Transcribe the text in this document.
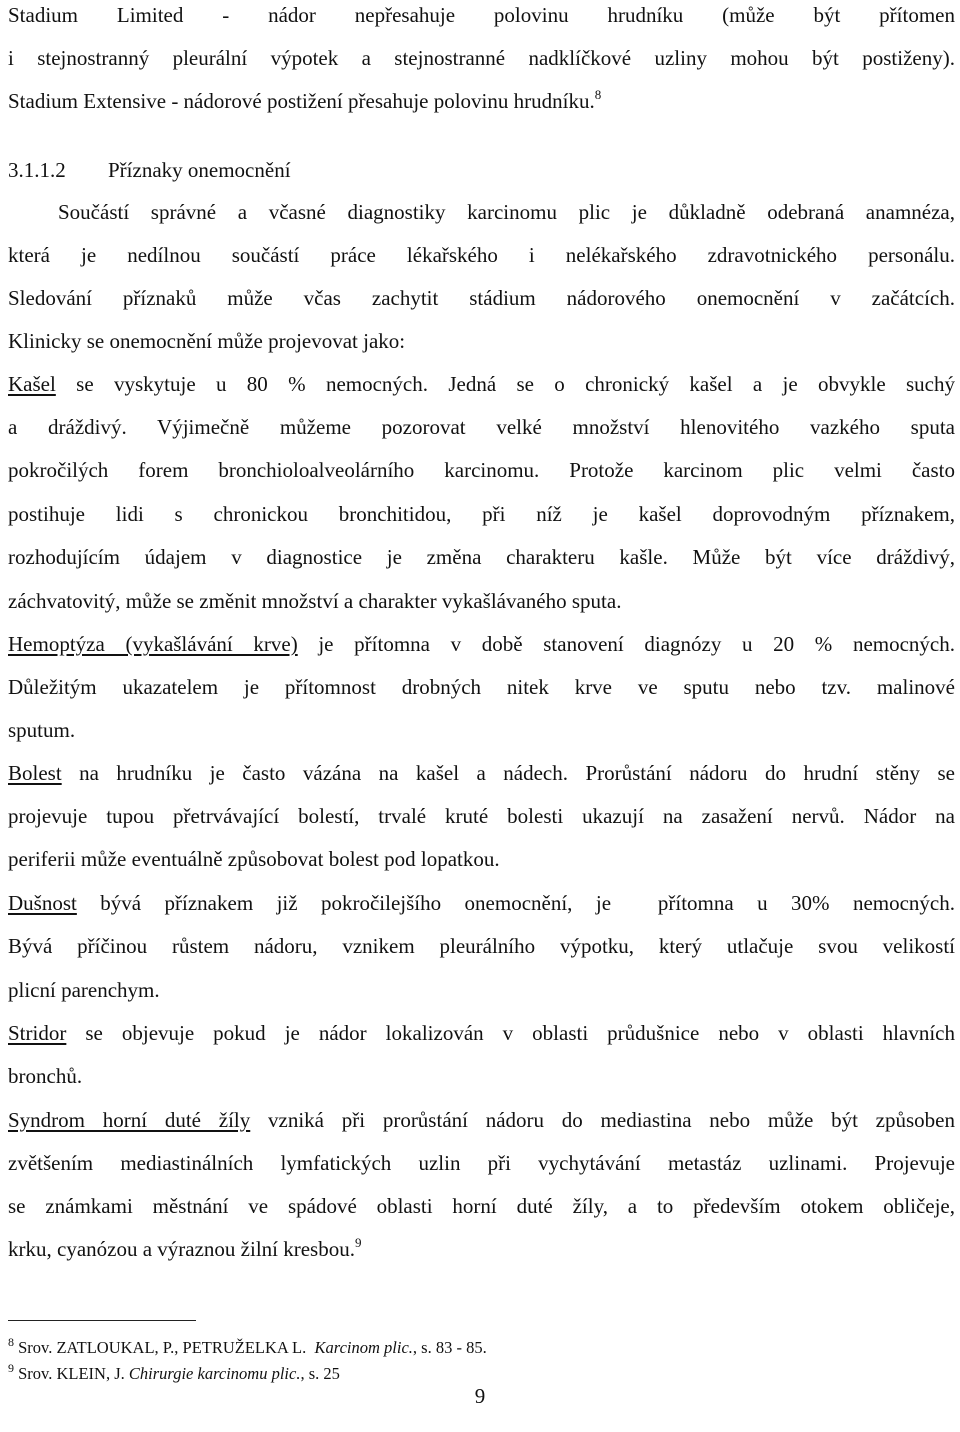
Stadium Limited - nádor nepřesahuje polovinu hrudníku (může být přítomen
i stejnostranný pleurální výpotek a stejnostranné nadklíčkové uzliny mohou být postiženy).
Stadium Extensive - nádorové postižení přesahuje polovinu hrudníku.$^8$
3.1.1.2 Příznaky onemocnění
Součástí správné a včasné diagnostiky karcinomu plic je důkladně odebraná anamnéza,
která je nedílnou součástí práce lékařského i nelékařského zdravotnického personálu.
Sledování příznaků může včas zachytit stádium nádorového onemocnění v začátcích.
Klinicky se onemocnění může projevovat jako:
Kašel se vyskytuje u 80 % nemocných. Jedná se o chronický kašel a je obvykle suchý
a dráždivý. Výjimečně můžeme pozorovat velké množství hlenovitého vazkého sputa
pokročilých forem bronchioloalveolárního karcinomu. Protože karcinom plic velmi často
postihuje lidi s chronickou bronchitidou, při níž je kašel doprovodným příznakem,
rozhodujícím údajem v diagnostice je změna charakteru kašle. Může být více dráždivý,
záchvatovitý, může se změnit množství a charakter vykašlávaného sputa.
Hemoptýza (vykašlávání krve) je přítomna v době stanovení diagnózy u 20 % nemocných.
Důležitým ukazatelem je přítomnost drobných nitek krve ve sputu nebo tzv. malinové
sputum.
Bolest na hrudníku je často vázána na kašel a nádech. Prorůstání nádoru do hrudní stěny se
projevuje tupou přetrvávající bolestí, trvalé kruté bolesti ukazují na zasažení nervů. Nádor na
periferii může eventuálně způsobovat bolest pod lopatkou.
Dušnost bývá příznakem již pokročilejšího onemocnění, je  přítomna u 30% nemocných.
Bývá příčinou růstem nádoru, vznikem pleurálního výpotku, který utlačuje svou velikostí
plicní parenchym.
Stridor se objevuje pokud je nádor lokalizován v oblasti průdušnice nebo v oblasti hlavních
bronchů.
Syndrom horní duté žíly vzniká při prorůstání nádoru do mediastina nebo může být způsoben
zvětšením mediastinálních lymfatických uzlin při vychytávání metastáz uzlinami. Projevuje
se známkami městnání ve spádové oblasti horní duté žíly, a to především otokem obličeje,
krku, cyanózou a výraznou žilní kresbou.$^9$
$^8$ Srov. ZATLOUKAL, P., PETRUŽELKA L.  Karcinom plic., s. 83 - 85.
$^9$ Srov. KLEIN, J. Chirurgie karcinomu plic., s. 25
9
